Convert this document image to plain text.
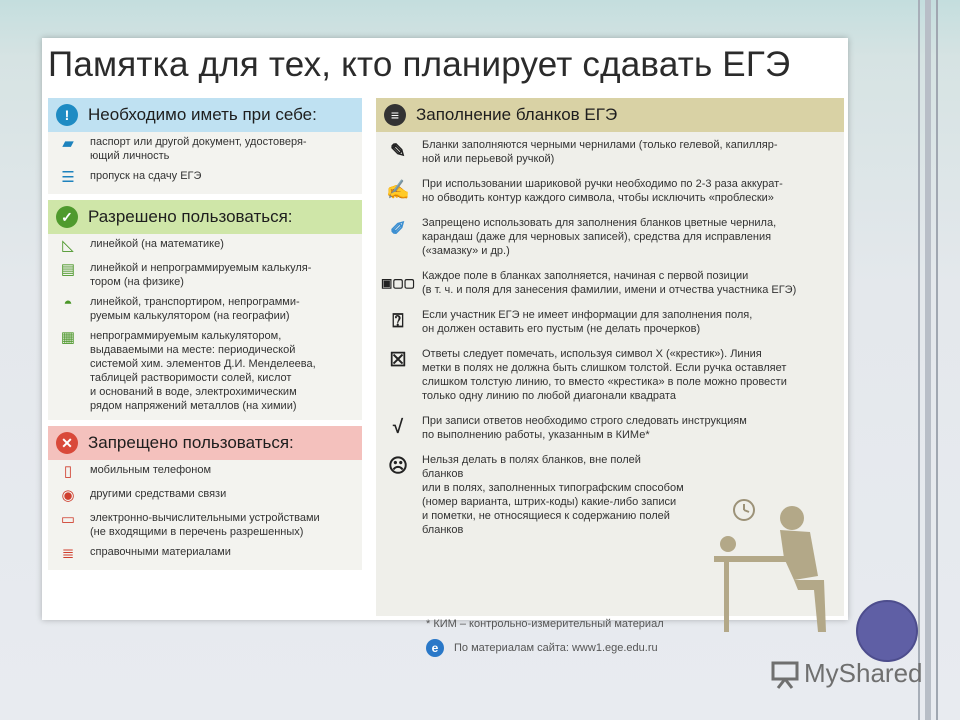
Памятка для тех, кто планирует сдавать ЕГЭ
!	Необходимо иметь при себе:
▰	паспорт или другой документ, удостоверя-
ющий личность
☰	пропуск на сдачу ЕГЭ
✓ Разрешено пользоваться:
◺	линейкой (на математике)
▤	линейкой и непрограммируемым калькуля-
тором (на физике)
◓	линейкой, транспортиром, непрограмми-
руемым калькулятором (на географии)
▦	непрограммируемым калькулятором,
выдаваемыми на месте: периодической
системой хим. элементов Д.И. Менделеева,
таблицей растворимости солей, кислот
и оснований в воде, электрохимическим
рядом напряжений металлов (на химии)
✕ Запрещено пользоваться:
▯	мобильным телефоном
◉	другими средствами связи
▭	электронно-вычислительными устройствами
(не входящими в перечень разрешенных)
≣	справочными материалами
≡ Заполнение бланков ЕГЭ
✎	Бланки заполняются черными чернилами (только гелевой, капилляр-
ной или перьевой ручкой)
✍ При использовании шариковой ручки необходимо по 2-3 раза аккурат-
но обводить контур каждого символа, чтобы исключить «проблески»
✐	Запрещено использовать для заполнения бланков цветные чернила,
карандаш (даже для черновых записей), средства для исправления
(«замазку» и др.)
▣▢▢ Каждое поле в бланках заполняется, начиная с первой позиции
(в т. ч. и поля для занесения фамилии, имени и отчества участника ЕГЭ)
⍰	Если участник ЕГЭ не имеет информации для заполнения поля,
он должен оставить его пустым (не делать прочерков)
☒	Ответы следует помечать, используя символ X («крестик»). Линия
метки в полях не должна быть слишком толстой. Если ручка оставляет
слишком толстую линию, то вместо «крестика» в поле можно провести
только одну линию по любой диагонали квадрата
√	При записи ответов необходимо строго следовать инструкциям
по выполнению работы, указанным в КИМе*
☹	Нельзя делать в полях бланков, вне полей бланков
или в полях, заполненных типографским способом
(номер варианта, штрих-коды) какие-либо записи
и пометки, не относящиеся к содержанию полей
бланков
* КИМ – контрольно-измерительный материал
e	По материалам сайта: www1.ege.edu.ru
MyShared
